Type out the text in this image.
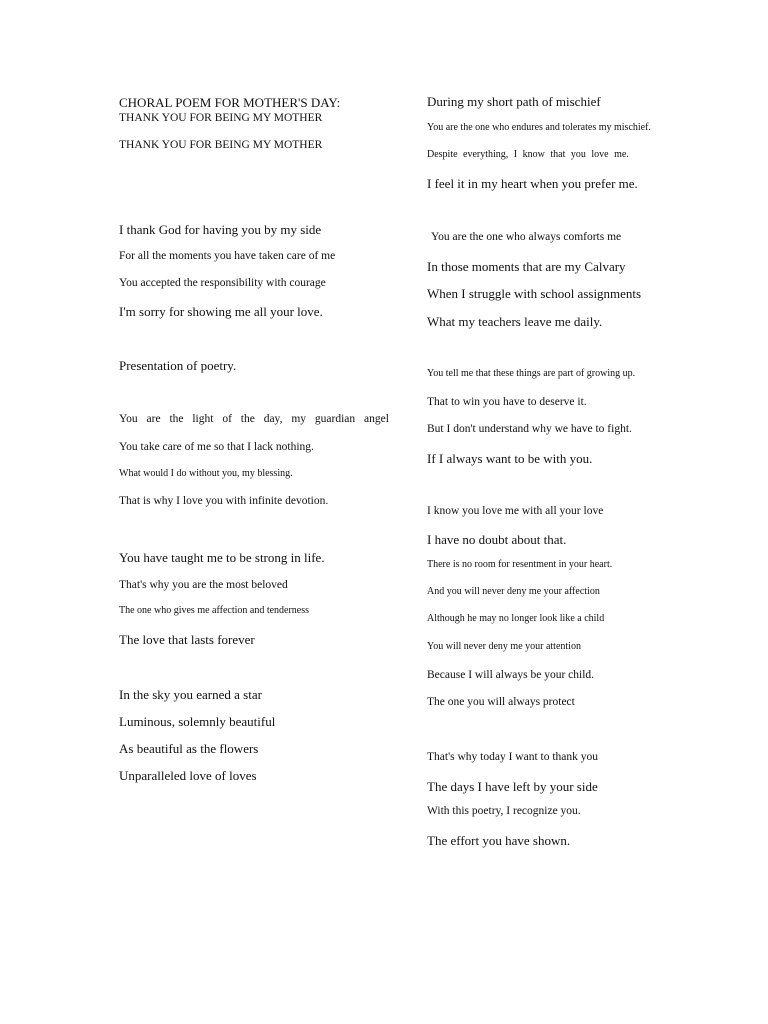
CHORAL POEM FOR MOTHER'S DAY:
THANK YOU FOR BEING MY MOTHER
THANK YOU FOR BEING MY MOTHER
I thank God for having you by my side
For all the moments you have taken care of me
You accepted the responsibility with courage
I'm sorry for showing me all your love.
Presentation of poetry.
You are the light of the day, my guardian angel
You take care of me so that I lack nothing.
What would I do without you, my blessing.
That is why I love you with infinite devotion.
You have taught me to be strong in life.
That's why you are the most beloved
The one who gives me affection and tenderness
The love that lasts forever
In the sky you earned a star
Luminous, solemnly beautiful
As beautiful as the flowers
Unparalleled love of loves
During my short path of mischief
You are the one who endures and tolerates my mischief.
Despite everything, I know that you love me.
I feel it in my heart when you prefer me.
You are the one who always comforts me
In those moments that are my Calvary
When I struggle with school assignments
What my teachers leave me daily.
You tell me that these things are part of growing up.
That to win you have to deserve it.
But I don't understand why we have to fight.
If I always want to be with you.
I know you love me with all your love
I have no doubt about that.
There is no room for resentment in your heart.
And you will never deny me your affection
Although he may no longer look like a child
You will never deny me your attention
Because I will always be your child.
The one you will always protect
That's why today I want to thank you
The days I have left by your side
With this poetry, I recognize you.
The effort you have shown.
